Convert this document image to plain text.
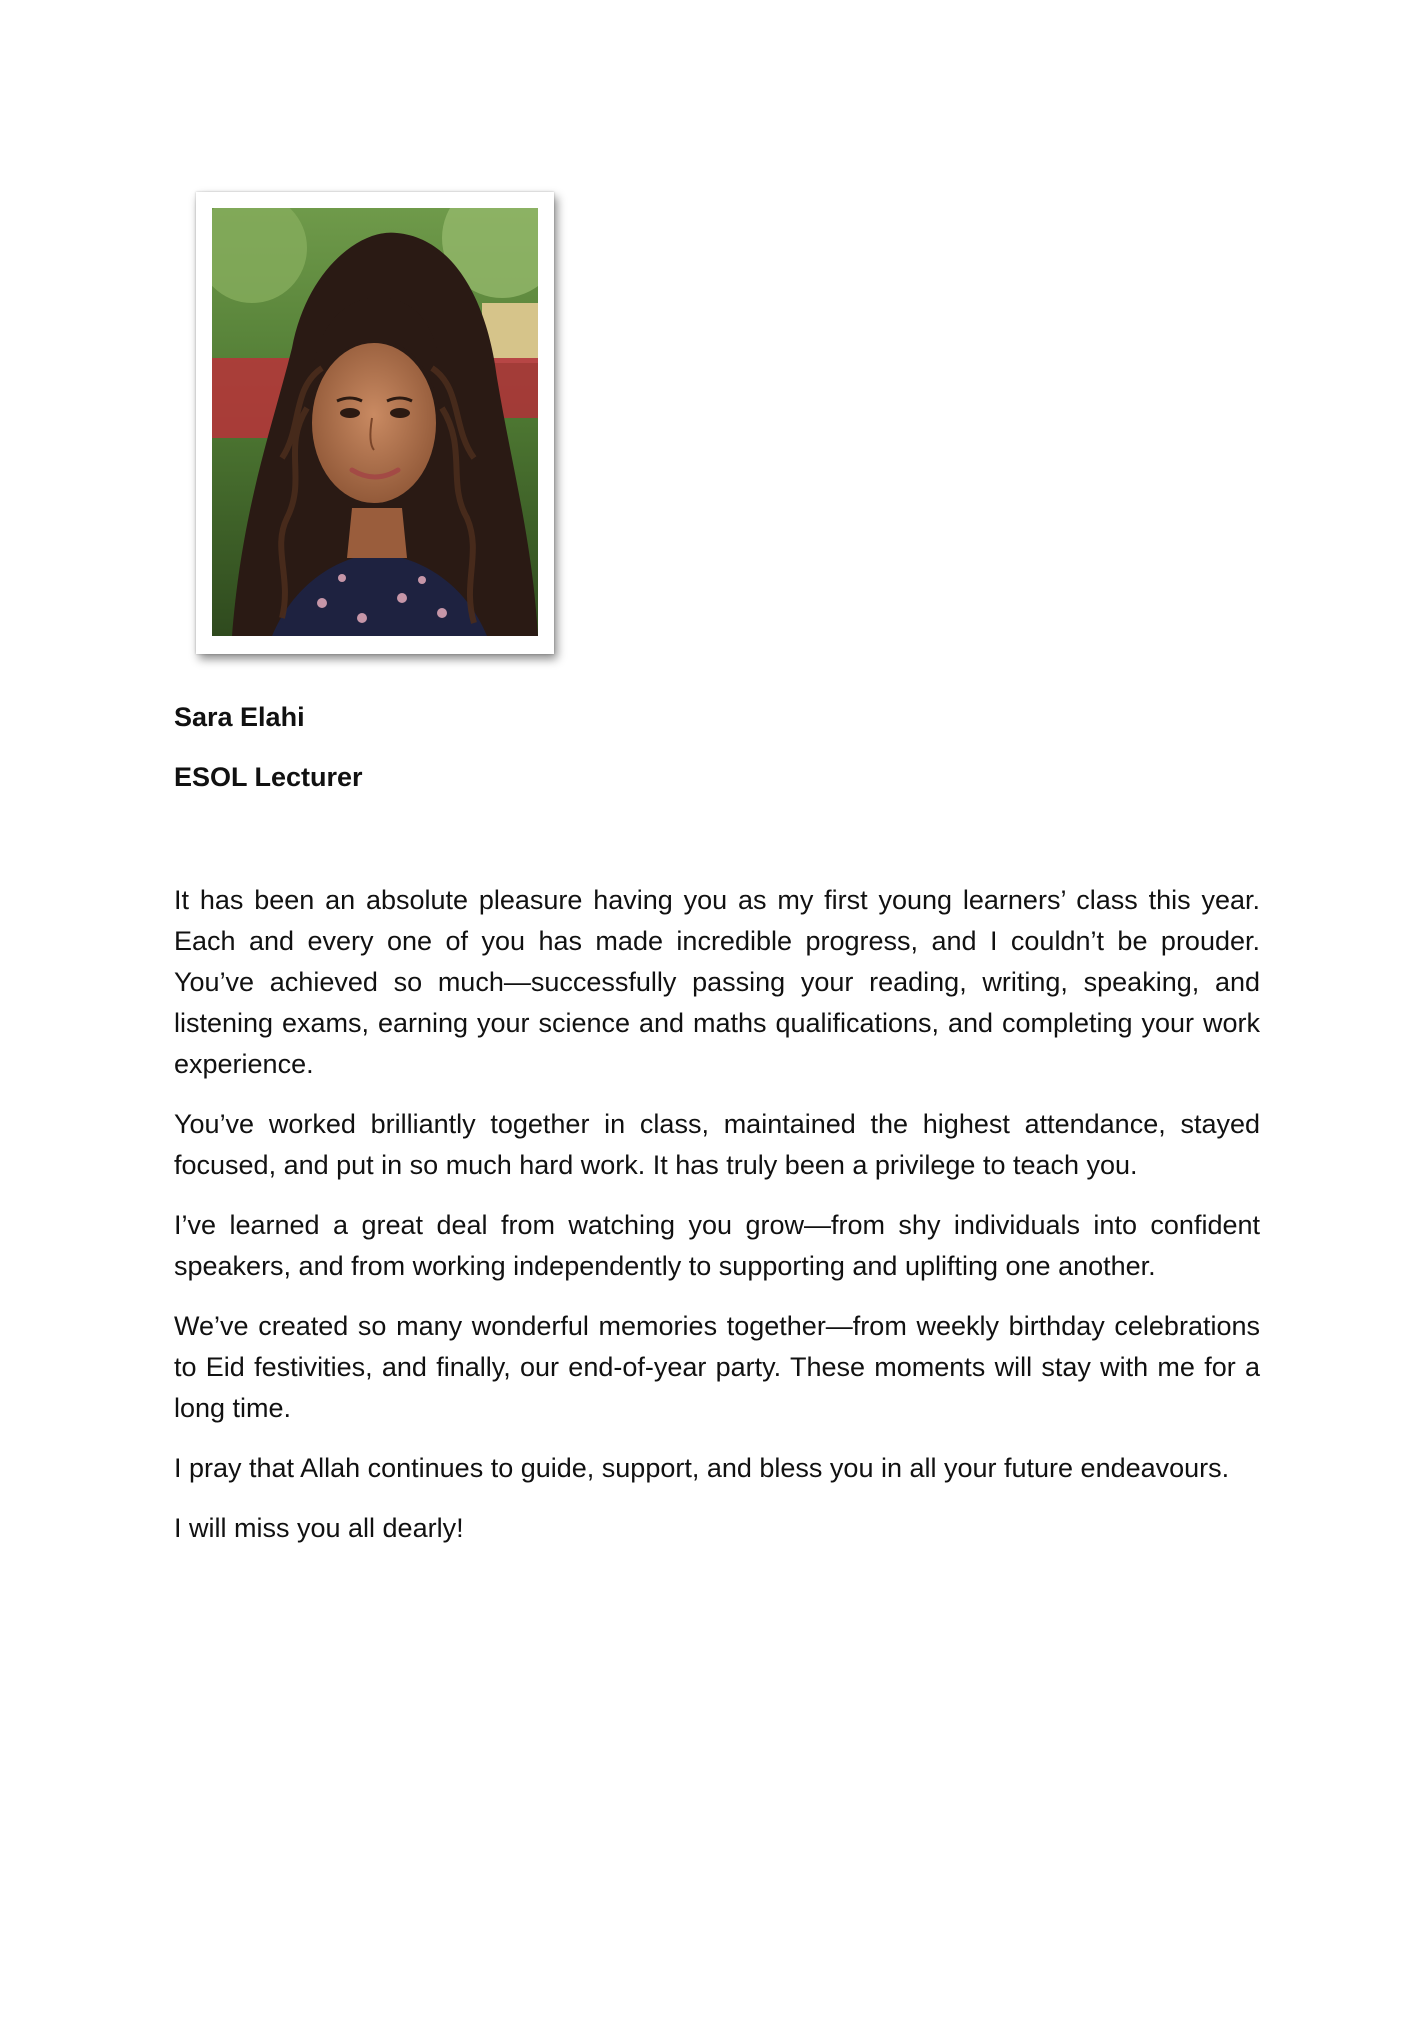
Sara Elahi

ESOL Lecturer

It has been an absolute pleasure having you as my first young learners’ class this year. Each and every one of you has made incredible progress, and I couldn’t be prouder. You’ve achieved so much—successfully passing your reading, writing, speaking, and listening exams, earning your science and maths qualifications, and completing your work experience.

You’ve worked brilliantly together in class, maintained the highest attendance, stayed focused, and put in so much hard work. It has truly been a privilege to teach you.

I’ve learned a great deal from watching you grow—from shy individuals into confident speakers, and from working independently to supporting and uplifting one another.

We’ve created so many wonderful memories together—from weekly birthday celebrations to Eid festivities, and finally, our end-of-year party. These moments will stay with me for a long time.

I pray that Allah continues to guide, support, and bless you in all your future endeavours.

I will miss you all dearly!
